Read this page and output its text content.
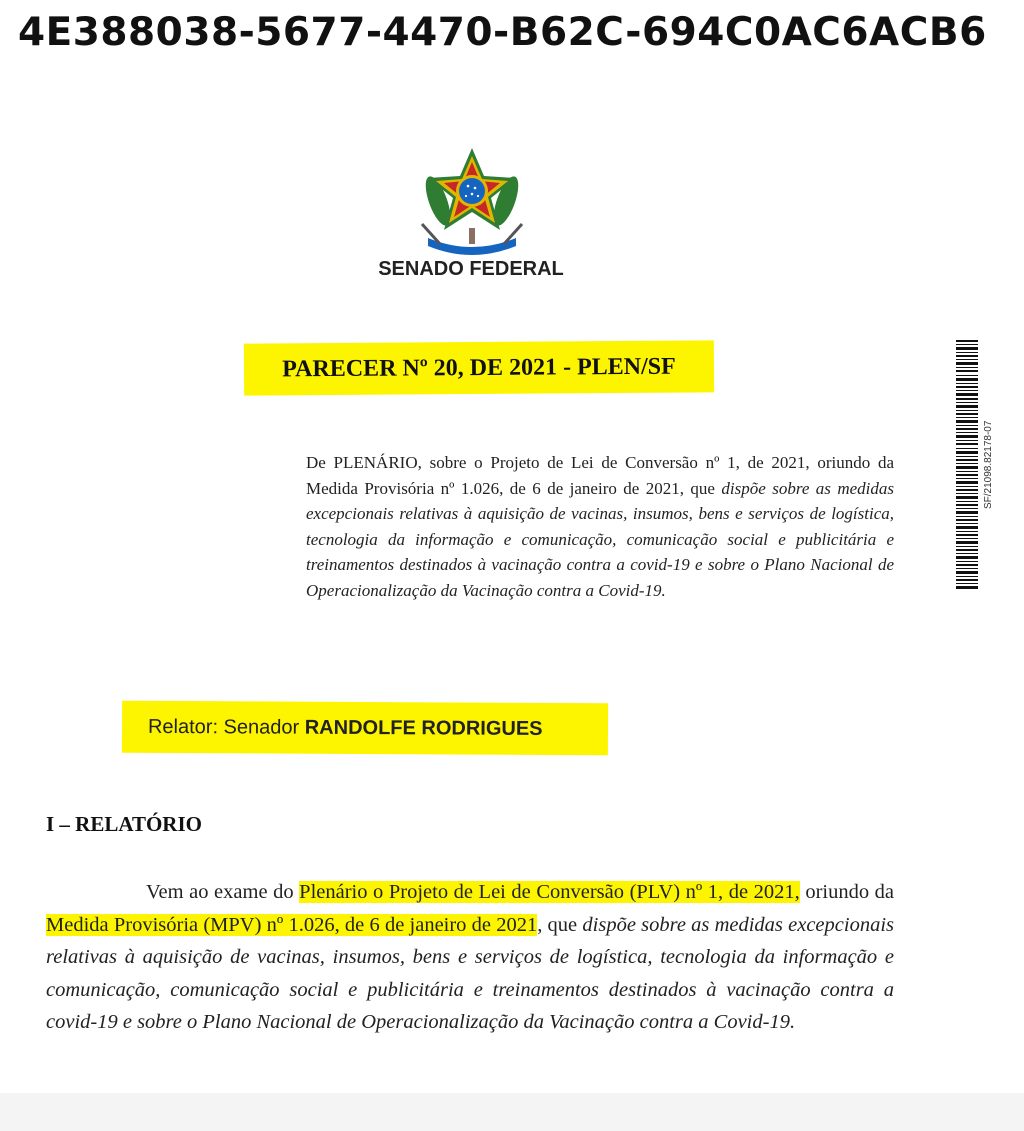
4E388038-5677-4470-B62C-694C0AC6ACB6
SENADO FEDERAL
PARECER Nº 20, DE 2021 - PLEN/SF
De PLENÁRIO, sobre o Projeto de Lei de Conversão nº 1, de 2021, oriundo da Medida Provisória nº 1.026, de 6 de janeiro de 2021, que dispõe sobre as medidas excepcionais relativas à aquisição de vacinas, insumos, bens e serviços de logística, tecnologia da informação e comunicação, comunicação social e publicitária e treinamentos destinados à vacinação contra a covid-19 e sobre o Plano Nacional de Operacionalização da Vacinação contra a Covid-19.
SF/21098.82178-07
Relator: Senador RANDOLFE RODRIGUES
I – RELATÓRIO
Vem ao exame do Plenário o Projeto de Lei de Conversão (PLV) nº 1, de 2021, oriundo da Medida Provisória (MPV) nº 1.026, de 6 de janeiro de 2021, que dispõe sobre as medidas excepcionais relativas à aquisição de vacinas, insumos, bens e serviços de logística, tecnologia da informação e comunicação, comunicação social e publicitária e treinamentos destinados à vacinação contra a covid-19 e sobre o Plano Nacional de Operacionalização da Vacinação contra a Covid-19.
